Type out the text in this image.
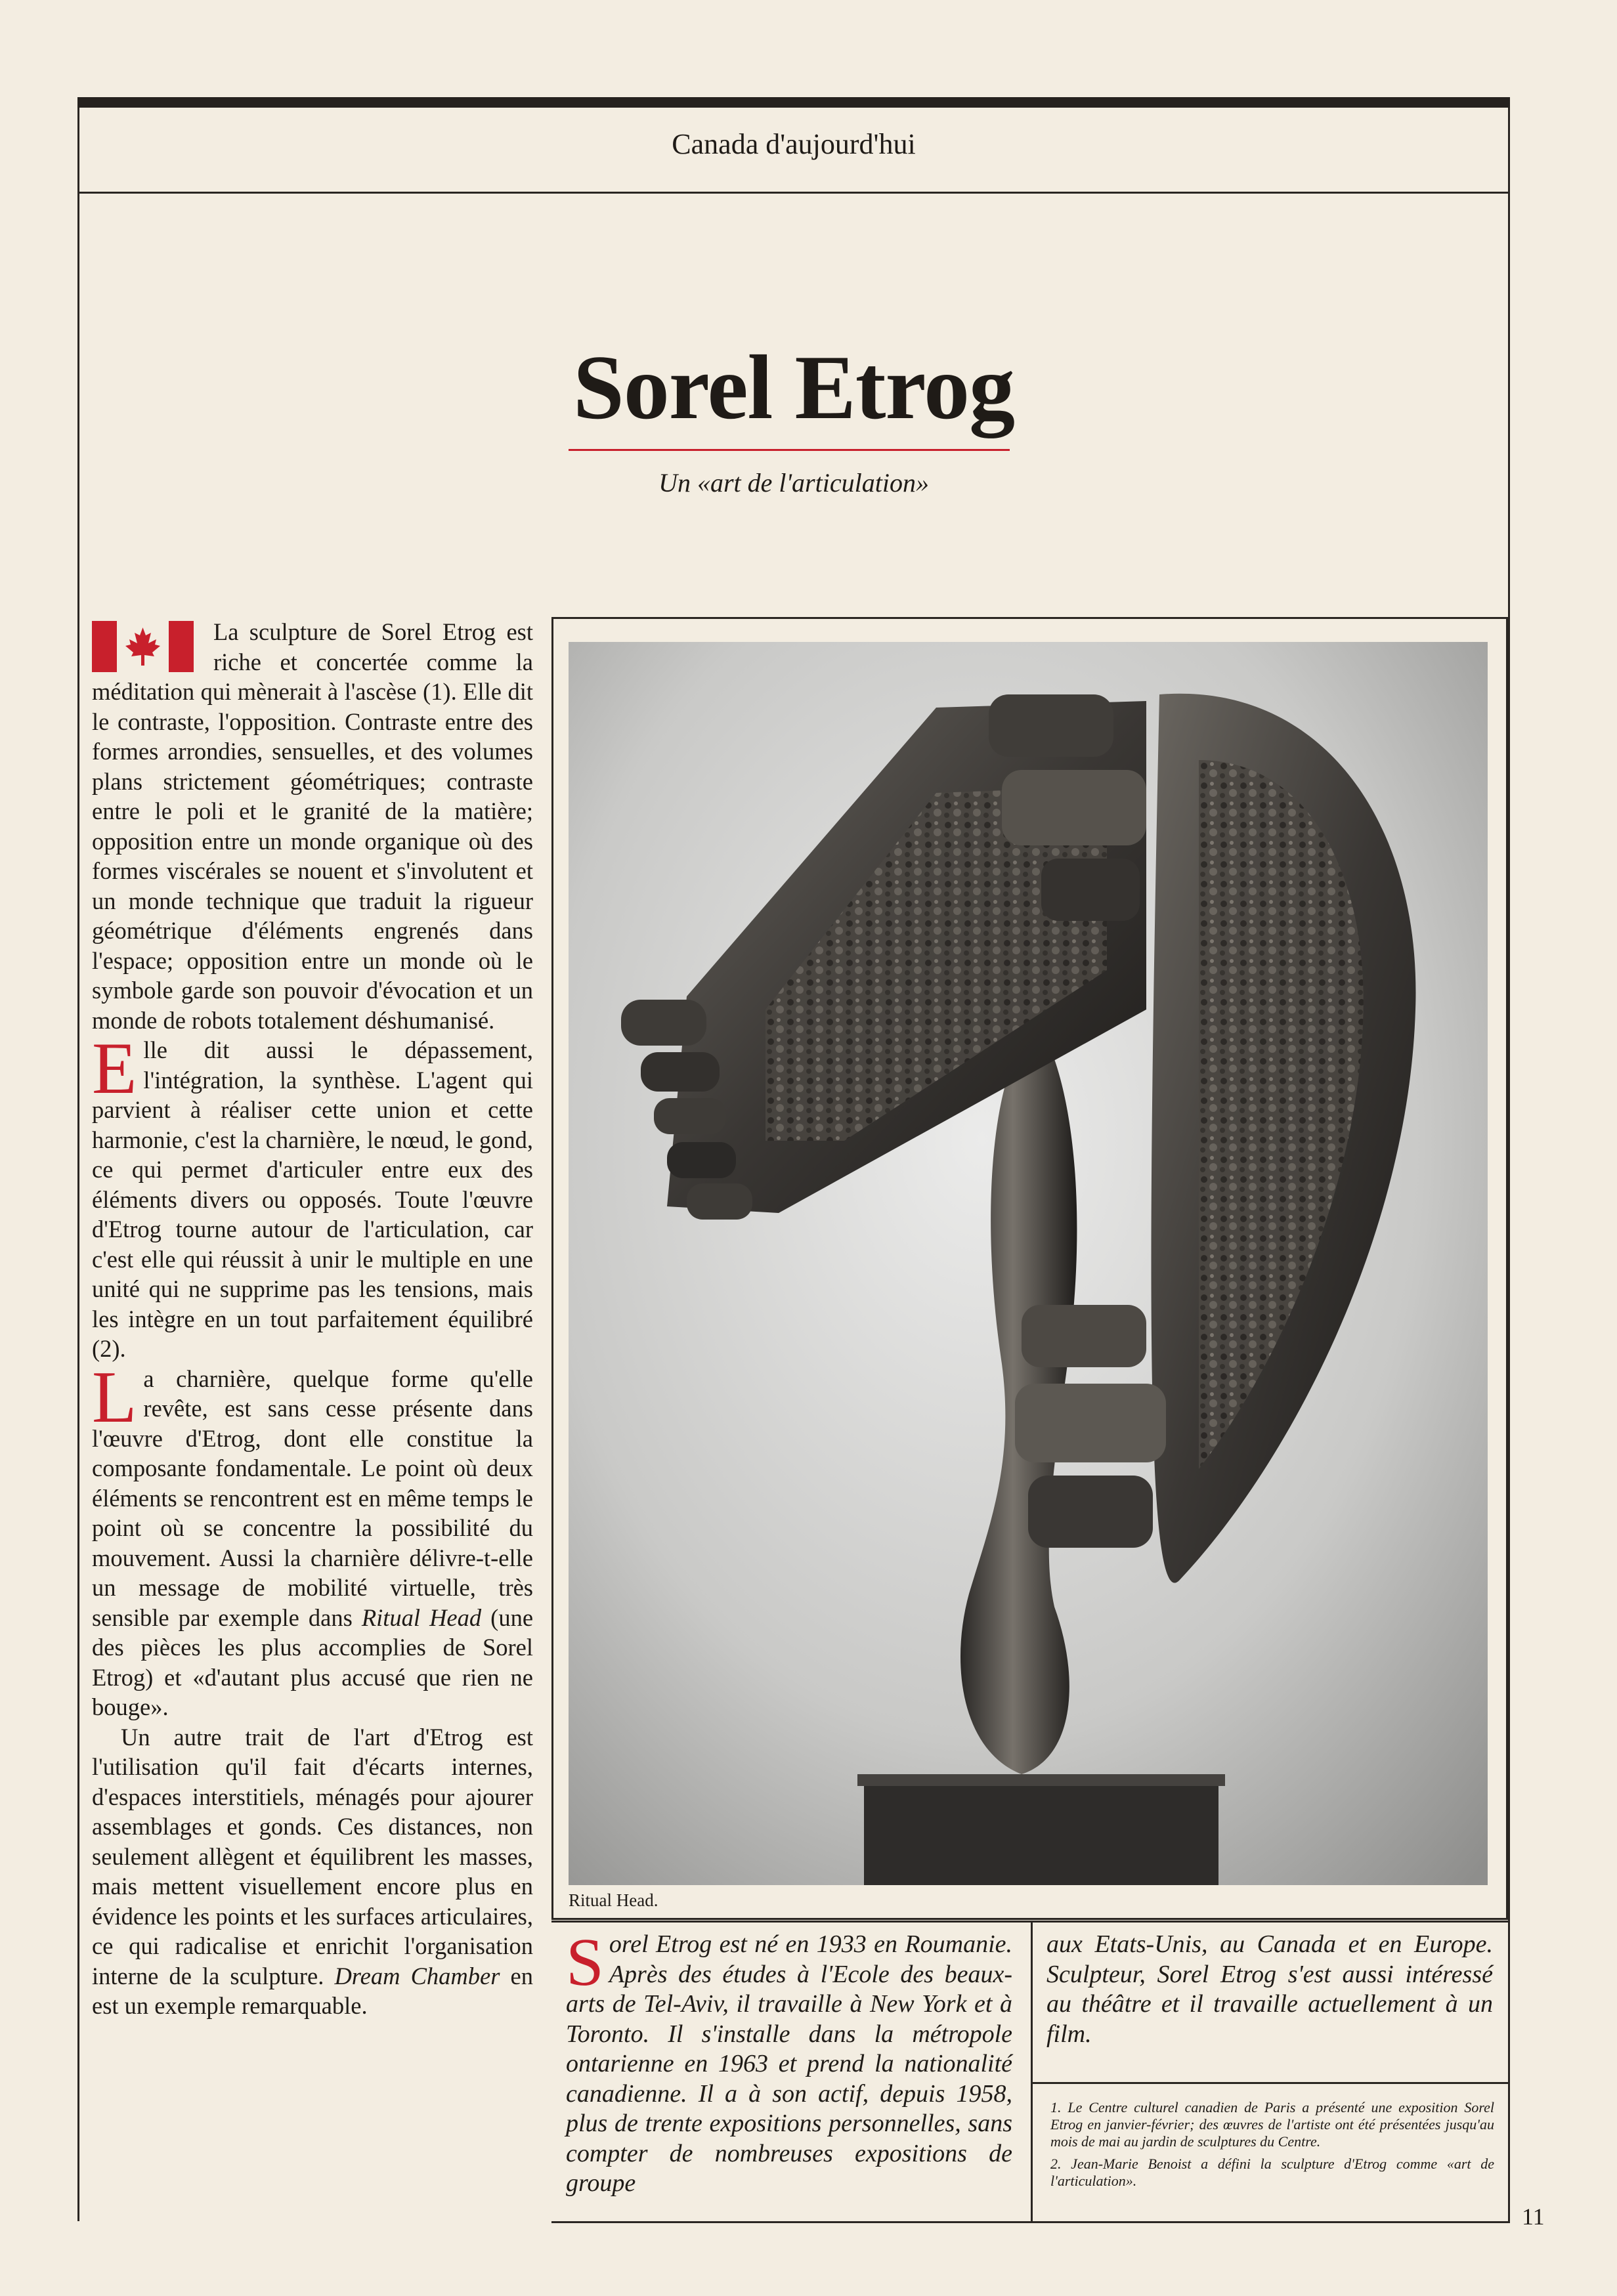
Canada d'aujourd'hui
Sorel Etrog
Un «art de l'articulation»

La sculpture de Sorel Etrog est riche et concertée comme la méditation qui mènerait à l'ascèse (1). Elle dit le contraste, l'opposition. Contraste entre des formes arrondies, sensuelles, et des volumes plans strictement géométriques; contraste entre le poli et le granité de la matière; opposition entre un monde organique où des formes viscérales se nouent et s'involutent et un monde technique que traduit la rigueur géométrique d'éléments engrenés dans l'espace; opposition entre un monde où le symbole garde son pouvoir d'évocation et un monde de robots totalement déshumanisé.

E lle dit aussi le dépassement, l'intégration, la synthèse. L'agent qui parvient à réaliser cette union et cette harmonie, c'est la charnière, le nœud, le gond, ce qui permet d'articuler entre eux des éléments divers ou opposés. Toute l'œuvre d'Etrog tourne autour de l'articulation, car c'est elle qui réussit à unir le multiple en une unité qui ne supprime pas les tensions, mais les intègre en un tout parfaitement équilibré (2).

L a charnière, quelque forme qu'elle revête, est sans cesse présente dans l'œuvre d'Etrog, dont elle constitue la composante fondamentale. Le point où deux éléments se rencontrent est en même temps le point où se concentre la possibilité du mouvement. Aussi la charnière délivre-t-elle un message de mobilité virtuelle, très sensible par exemple dans Ritual Head (une des pièces les plus accomplies de Sorel Etrog) et «d'autant plus accusé que rien ne bouge».

Un autre trait de l'art d'Etrog est l'utilisation qu'il fait d'écarts internes, d'espaces interstitiels, ménagés pour ajourer assemblages et gonds. Ces distances, non seulement allègent et équilibrent les masses, mais mettent visuellement encore plus en évidence les points et les surfaces articulaires, ce qui radicalise et enrichit l'organisation interne de la sculpture. Dream Chamber en est un exemple remarquable.

Ritual Head.

S orel Etrog est né en 1933 en Roumanie. Après des études à l'Ecole des beaux-arts de Tel-Aviv, il travaille à New York et à Toronto. Il s'installe dans la métropole ontarienne en 1963 et prend la nationalité canadienne. Il a à son actif, depuis 1958, plus de trente expositions personnelles, sans compter de nombreuses expositions de groupe

aux Etats-Unis, au Canada et en Europe. Sculpteur, Sorel Etrog s'est aussi intéressé au théâtre et il travaille actuellement à un film.

1. Le Centre culturel canadien de Paris a présenté une exposition Sorel Etrog en janvier-février; des œuvres de l'artiste ont été présentées jusqu'au mois de mai au jardin de sculptures du Centre.

2. Jean-Marie Benoist a défini la sculpture d'Etrog comme «art de l'articulation».

11
